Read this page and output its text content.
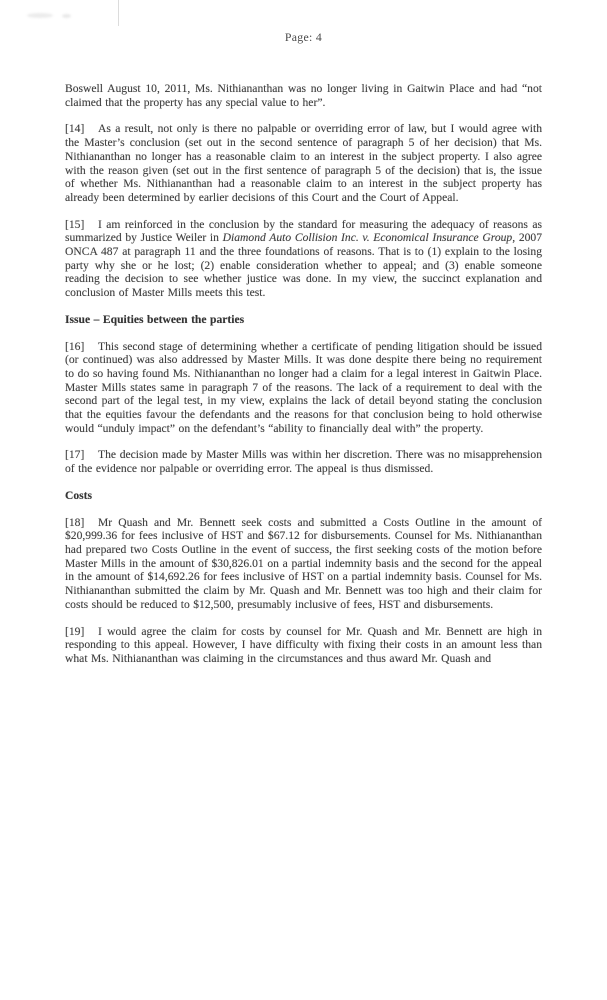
Page: 4

Boswell August 10, 2011, Ms. Nithiananthan was no longer living in Gaitwin Place and had “not claimed that the property has any special value to her”.

[14] As a result, not only is there no palpable or overriding error of law, but I would agree with the Master’s conclusion (set out in the second sentence of paragraph 5 of her decision) that Ms. Nithiananthan no longer has a reasonable claim to an interest in the subject property. I also agree with the reason given (set out in the first sentence of paragraph 5 of the decision) that is, the issue of whether Ms. Nithiananthan had a reasonable claim to an interest in the subject property has already been determined by earlier decisions of this Court and the Court of Appeal.

[15] I am reinforced in the conclusion by the standard for measuring the adequacy of reasons as summarized by Justice Weiler in Diamond Auto Collision Inc. v. Economical Insurance Group, 2007 ONCA 487 at paragraph 11 and the three foundations of reasons. That is to (1) explain to the losing party why she or he lost; (2) enable consideration whether to appeal; and (3) enable someone reading the decision to see whether justice was done. In my view, the succinct explanation and conclusion of Master Mills meets this test.

Issue – Equities between the parties

[16] This second stage of determining whether a certificate of pending litigation should be issued (or continued) was also addressed by Master Mills. It was done despite there being no requirement to do so having found Ms. Nithiananthan no longer had a claim for a legal interest in Gaitwin Place. Master Mills states same in paragraph 7 of the reasons. The lack of a requirement to deal with the second part of the legal test, in my view, explains the lack of detail beyond stating the conclusion that the equities favour the defendants and the reasons for that conclusion being to hold otherwise would “unduly impact” on the defendant’s “ability to financially deal with” the property.

[17] The decision made by Master Mills was within her discretion. There was no misapprehension of the evidence nor palpable or overriding error. The appeal is thus dismissed.

Costs

[18] Mr Quash and Mr. Bennett seek costs and submitted a Costs Outline in the amount of $20,999.36 for fees inclusive of HST and $67.12 for disbursements. Counsel for Ms. Nithiananthan had prepared two Costs Outline in the event of success, the first seeking costs of the motion before Master Mills in the amount of $30,826.01 on a partial indemnity basis and the second for the appeal in the amount of $14,692.26 for fees inclusive of HST on a partial indemnity basis. Counsel for Ms. Nithiananthan submitted the claim by Mr. Quash and Mr. Bennett was too high and their claim for costs should be reduced to $12,500, presumably inclusive of fees, HST and disbursements.

[19] I would agree the claim for costs by counsel for Mr. Quash and Mr. Bennett are high in responding to this appeal. However, I have difficulty with fixing their costs in an amount less than what Ms. Nithiananthan was claiming in the circumstances and thus award Mr. Quash and
